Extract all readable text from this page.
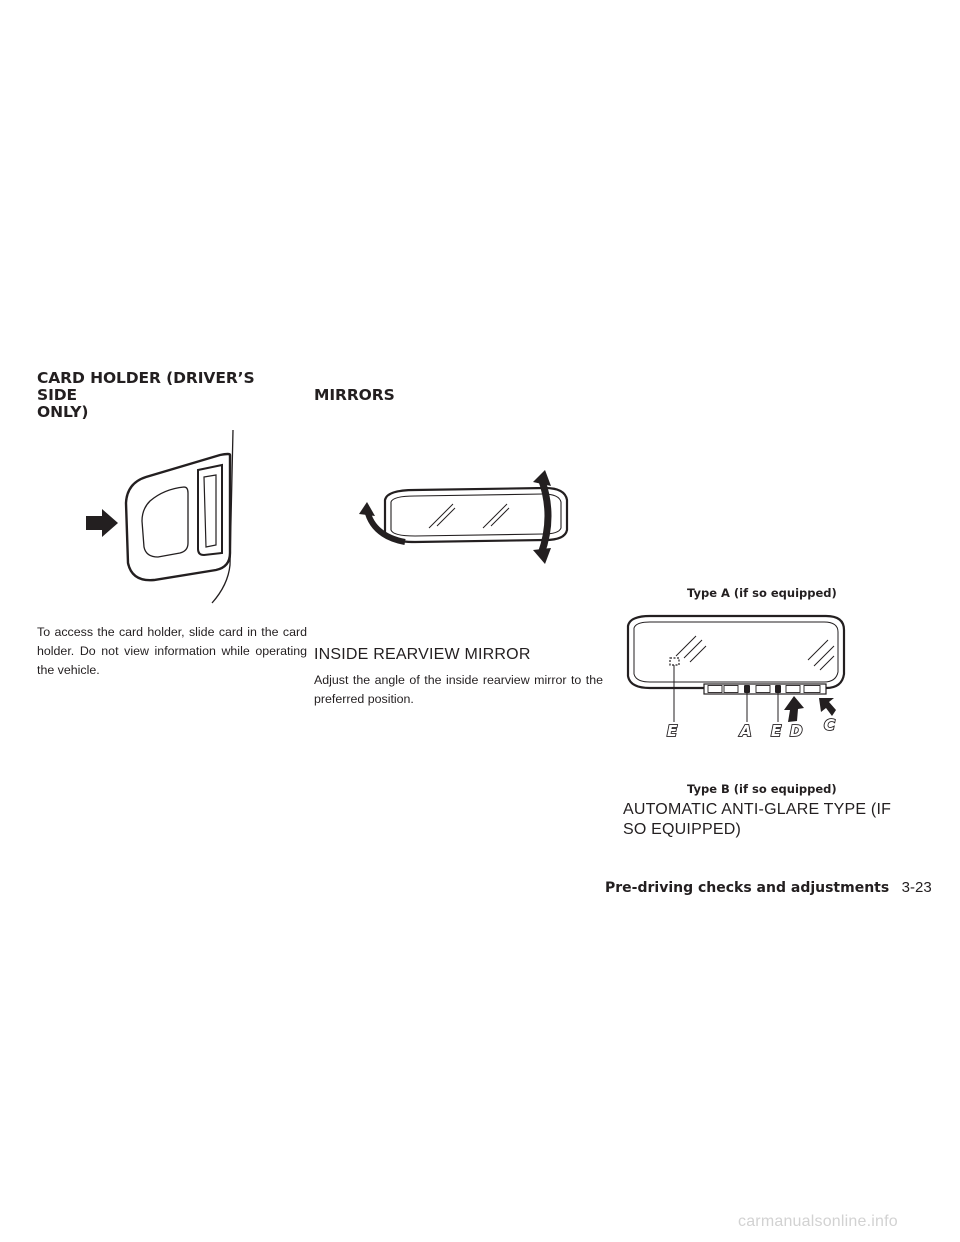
CARD HOLDER (DRIVER’S SIDE
ONLY)
To access the card holder, slide card in the card holder. Do not view information while operating the vehicle.
MIRRORS
INSIDE REARVIEW MIRROR
Adjust the angle of the inside rearview mirror to the preferred position.
Type A (if so equipped)
E	A E D C
Type B (if so equipped)
AUTOMATIC ANTI-GLARE TYPE (IF
SO EQUIPPED)
Pre-driving checks and adjustments 3-23
carmanualsonline.info
